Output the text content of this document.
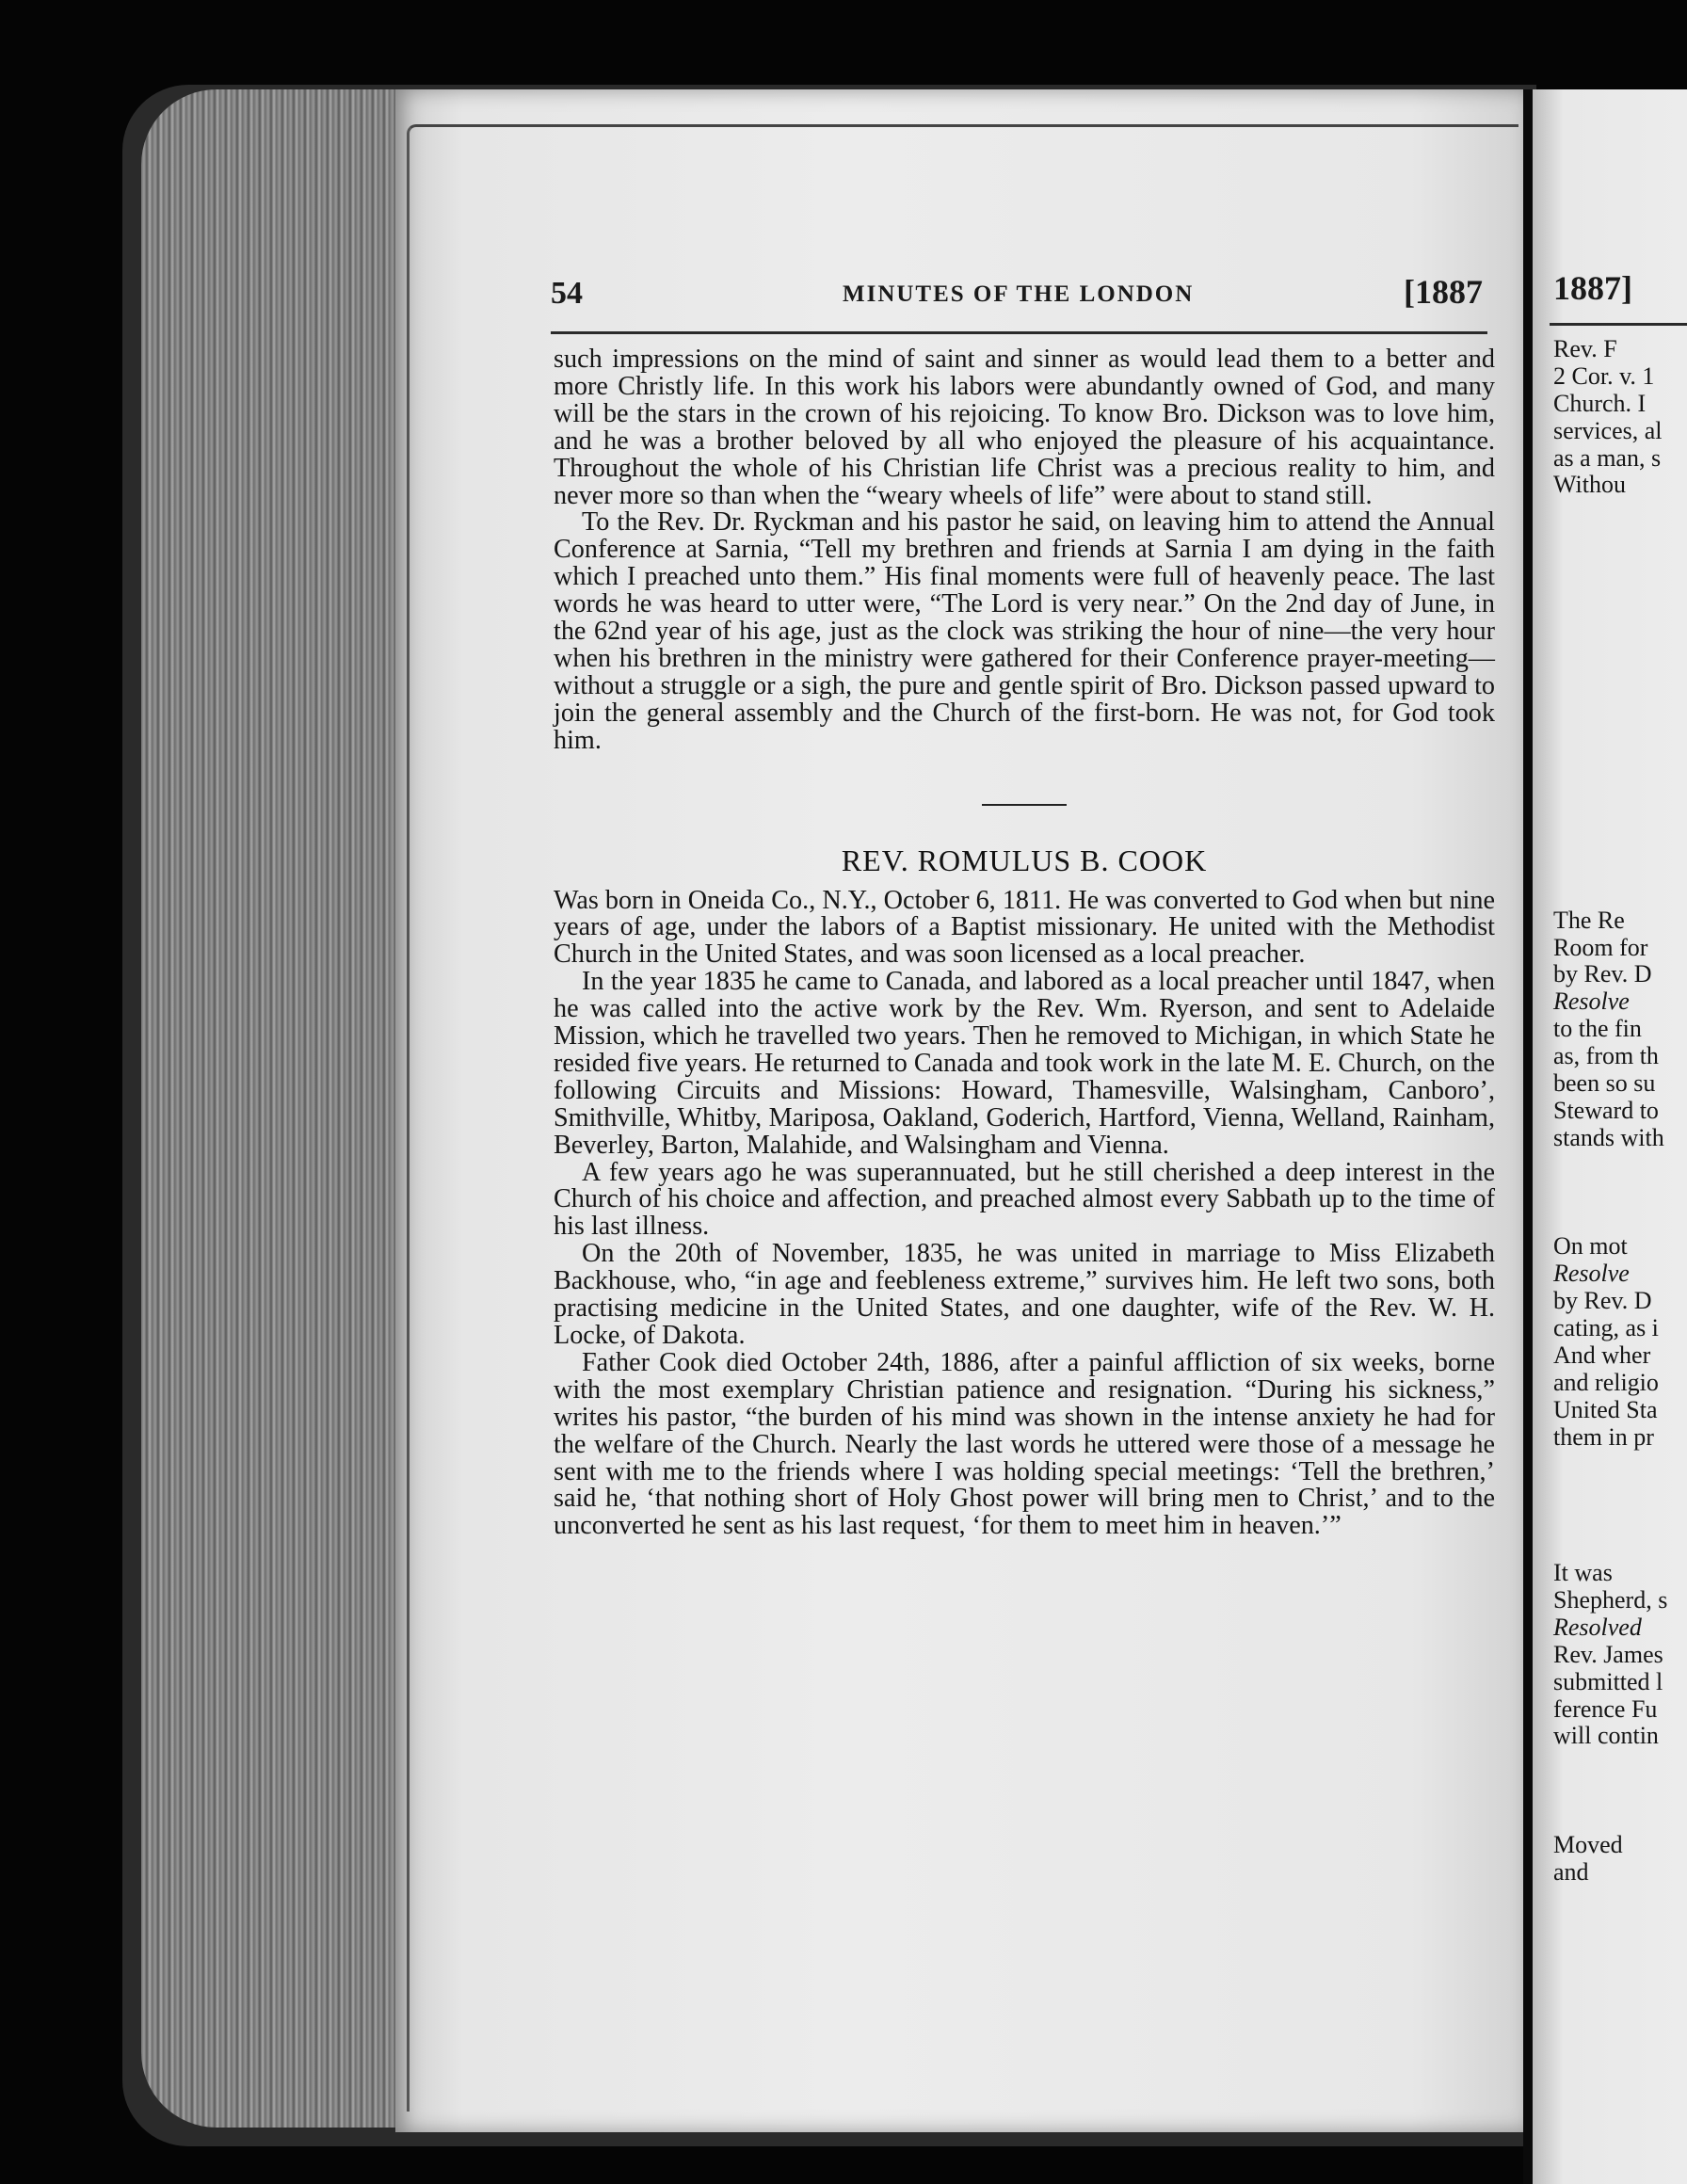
54	MINUTES OF THE LONDON	[1887

such impressions on the mind of saint and sinner as would lead them to a better and more Christly life. In this work his labors were abundantly owned of God, and many will be the stars in the crown of his rejoicing. To know Bro. Dickson was to love him, and he was a brother beloved by all who enjoyed the pleasure of his acquaintance. Throughout the whole of his Christian life Christ was a precious reality to him, and never more so than when the “weary wheels of life” were about to stand still.

To the Rev. Dr. Ryckman and his pastor he said, on leaving him to attend the Annual Conference at Sarnia, “Tell my brethren and friends at Sarnia I am dying in the faith which I preached unto them.” His final moments were full of heavenly peace. The last words he was heard to utter were, “The Lord is very near.” On the 2nd day of June, in the 62nd year of his age, just as the clock was striking the hour of nine—the very hour when his brethren in the ministry were gathered for their Conference prayer-meeting—without a struggle or a sigh, the pure and gentle spirit of Bro. Dickson passed upward to join the general assembly and the Church of the first-born. He was not, for God took him.

REV. ROMULUS B. COOK

Was born in Oneida Co., N.Y., October 6, 1811. He was converted to God when but nine years of age, under the labors of a Baptist missionary. He united with the Methodist Church in the United States, and was soon licensed as a local preacher.

In the year 1835 he came to Canada, and labored as a local preacher until 1847, when he was called into the active work by the Rev. Wm. Ryerson, and sent to Adelaide Mission, which he travelled two years. Then he removed to Michigan, in which State he resided five years. He returned to Canada and took work in the late M. E. Church, on the following Circuits and Missions: Howard, Thamesville, Walsingham, Canboro’, Smithville, Whitby, Mariposa, Oakland, Goderich, Hartford, Vienna, Welland, Rainham, Beverley, Barton, Malahide, and Walsingham and Vienna.

A few years ago he was superannuated, but he still cherished a deep interest in the Church of his choice and affection, and preached almost every Sabbath up to the time of his last illness.

On the 20th of November, 1835, he was united in marriage to Miss Elizabeth Backhouse, who, “in age and feebleness extreme,” survives him. He left two sons, both practising medicine in the United States, and one daughter, wife of the Rev. W. H. Locke, of Dakota.

Father Cook died October 24th, 1886, after a painful affliction of six weeks, borne with the most exemplary Christian patience and resignation. “During his sickness,” writes his pastor, “the burden of his mind was shown in the intense anxiety he had for the welfare of the Church. Nearly the last words he uttered were those of a message he sent with me to the friends where I was holding special meetings: ‘Tell the brethren,’ said he, ‘that nothing short of Holy Ghost power will bring men to Christ,’ and to the unconverted he sent as his last request, ‘for them to meet him in heaven.’”

1887]
Rev. F
2 Cor. v. 1
Church. I
services, al
as a man, s
Withou
The Re
Room for
by Rev. D
Resolve
to the fin
as, from th
been so su
Steward to
stands with
On mot
Resolve
by Rev. D
cating, as i
And wher
and religio
United Sta
them in pr
It was
Shepherd, s
Resolved
Rev. James
submitted l
ference Fu
will contin
Moved
and
